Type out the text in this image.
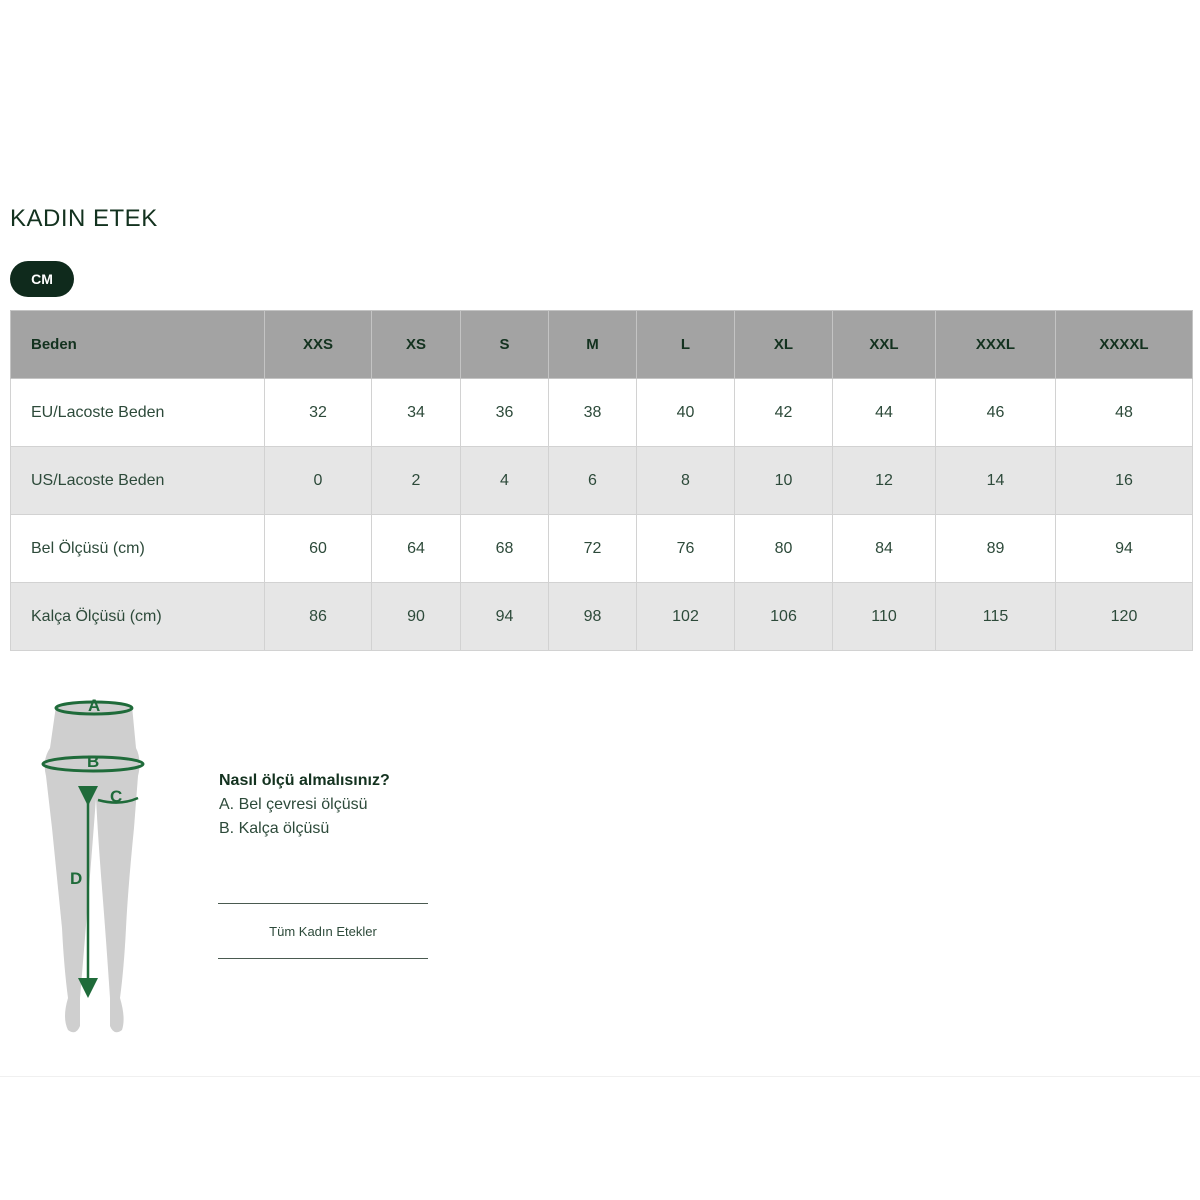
KADIN ETEK
CM
Beden	XXS	XS	S	M	L	XL	XXL	XXXL	XXXXL
EU/Lacoste Beden	32	34	36	38	40	42	44	46	48
US/Lacoste Beden	0	2	4	6	8	10	12	14	16
Bel Ölçüsü (cm)	60	64	68	72	76	80	84	89	94
Kalça Ölçüsü (cm)	86	90	94	98	102	106	110	115	120
A
B
C
D

Nasıl ölçü almalısınız?

A. Bel çevresi ölçüsü

B. Kalça ölçüsü

Tüm Kadın Etekler
